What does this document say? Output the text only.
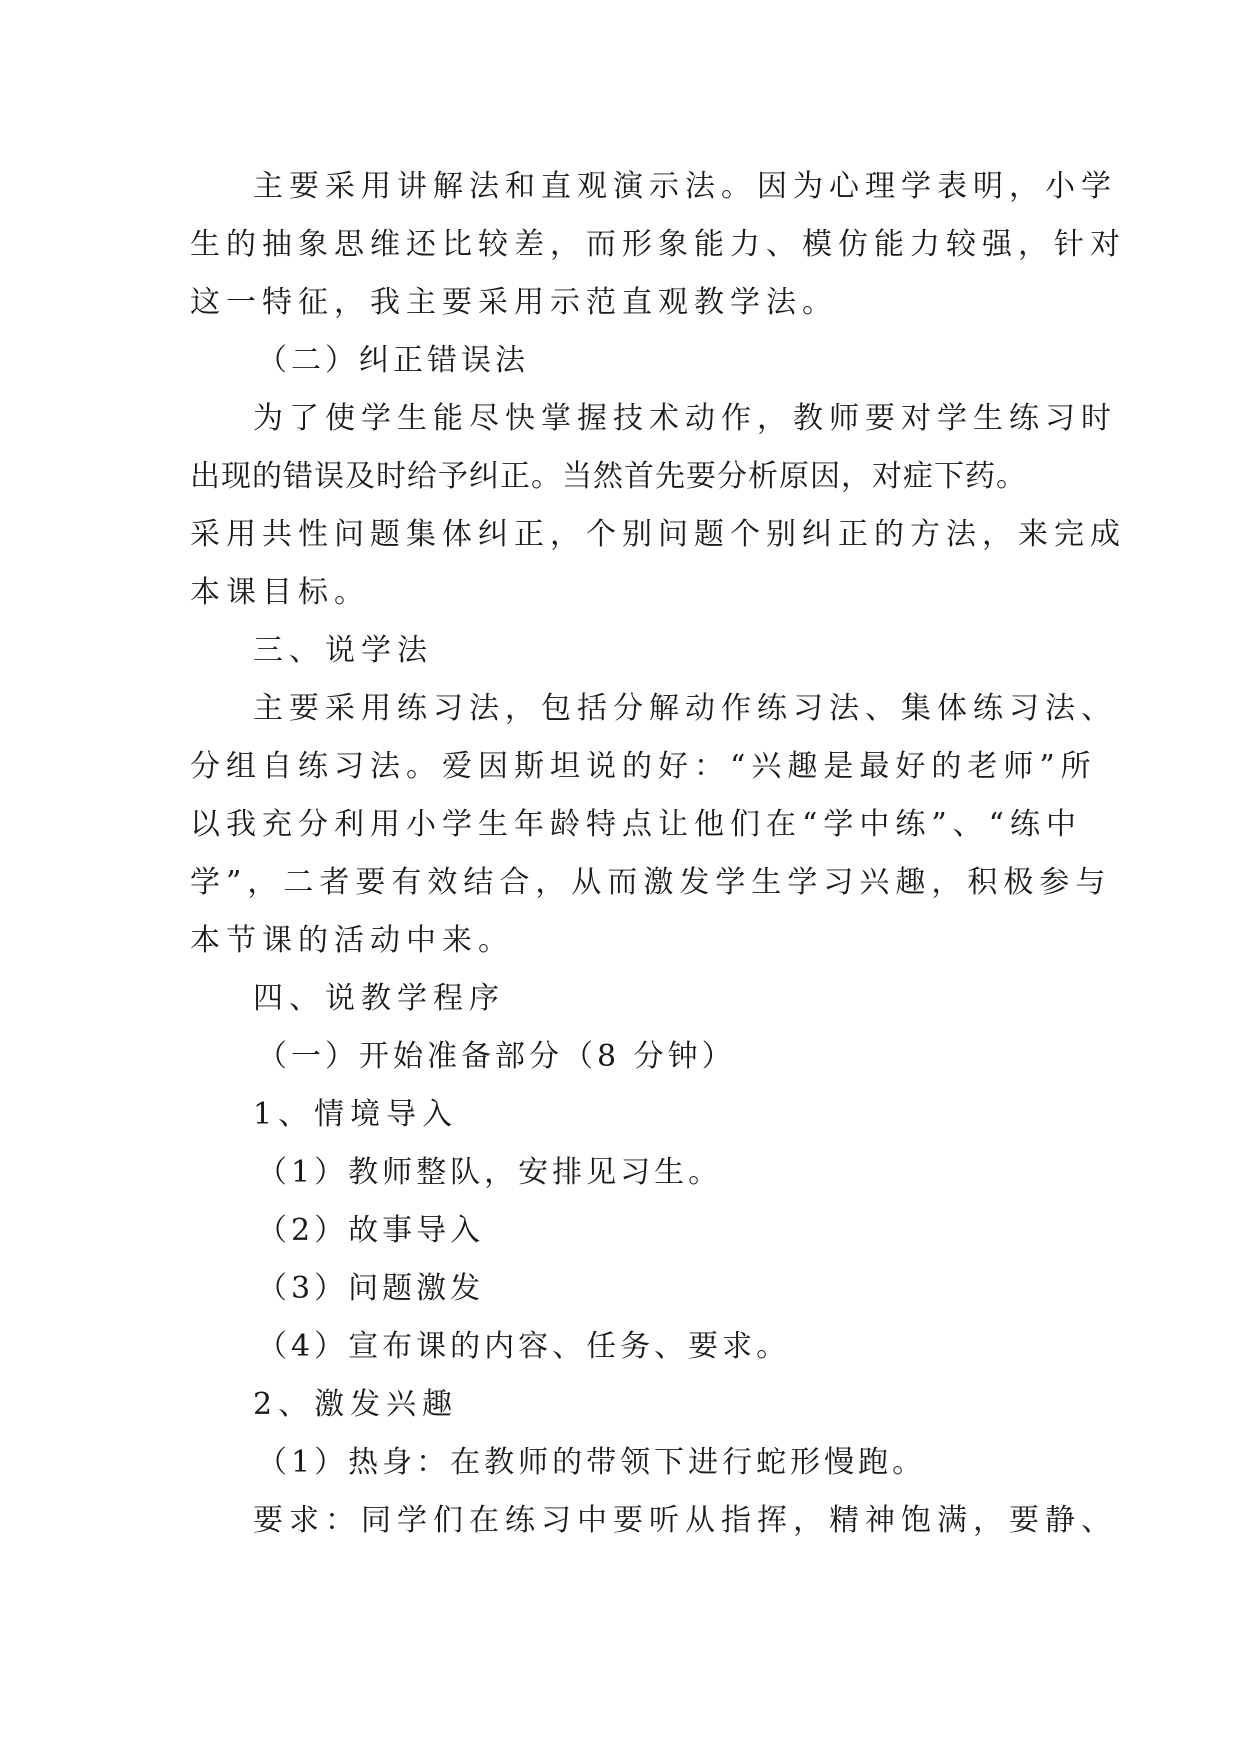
主要采用讲解法和直观演示法。因为心理学表明，小学

生的抽象思维还比较差，而形象能力、模仿能力较强，针对

这一特征，我主要采用示范直观教学法。

（二）纠正错误法

为了使学生能尽快掌握技术动作，教师要对学生练习时

出现的错误及时给予纠正。当然首先要分析原因，对症下药。

采用共性问题集体纠正，个别问题个别纠正的方法，来完成

本课目标。

三、说学法

主要采用练习法，包括分解动作练习法、集体练习法、

分组自练习法。爱因斯坦说的好：“兴趣是最好的老师”所

以我充分利用小学生年龄特点让他们在“学中练”、“练中

学”，二者要有效结合，从而激发学生学习兴趣，积极参与

本节课的活动中来。

四、说教学程序

（一）开始准备部分（8 分钟）

1、情境导入

（1）教师整队，安排见习生。

（2）故事导入

（3）问题激发

（4）宣布课的内容、任务、要求。

2、激发兴趣

（1）热身：在教师的带领下进行蛇形慢跑。

要求：同学们在练习中要听从指挥，精神饱满，要静、
